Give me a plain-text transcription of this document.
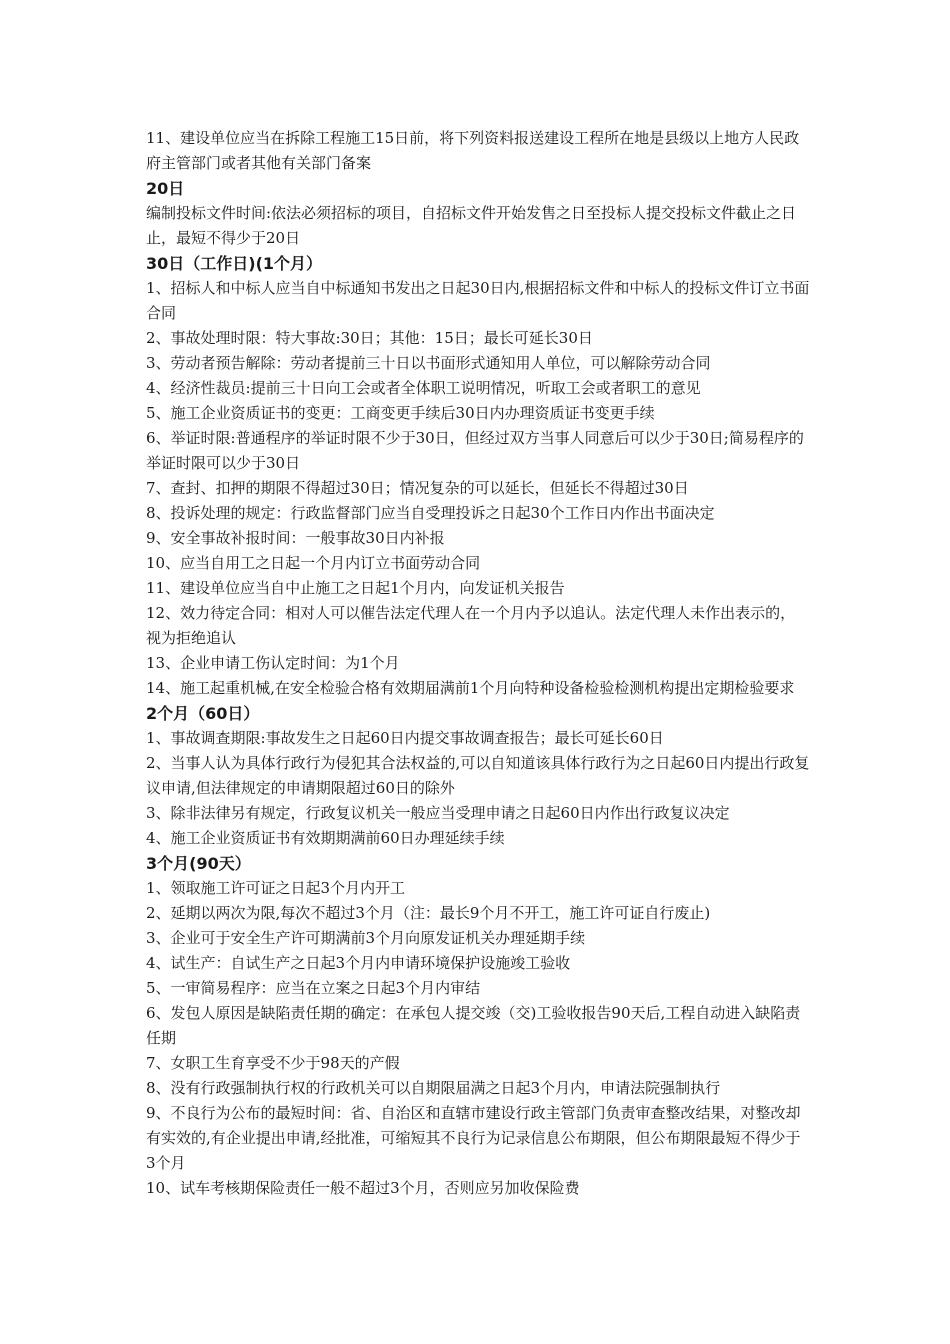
11、建设单位应当在拆除工程施工15日前，将下列资料报送建设工程所在地是县级以上地方人民政府主管部门或者其他有关部门备案
20日
编制投标文件时间:依法必须招标的项目，自招标文件开始发售之日至投标人提交投标文件截止之日止，最短不得少于20日
30日（工作日)(1个月）
1、招标人和中标人应当自中标通知书发出之日起30日内,根据招标文件和中标人的投标文件订立书面合同
2、事故处理时限：特大事故:30日；其他：15日；最长可延长30日
3、劳动者预告解除：劳动者提前三十日以书面形式通知用人单位，可以解除劳动合同
4、经济性裁员:提前三十日向工会或者全体职工说明情况，听取工会或者职工的意见
5、施工企业资质证书的变更：工商变更手续后30日内办理资质证书变更手续
6、举证时限:普通程序的举证时限不少于30日，但经过双方当事人同意后可以少于30日;简易程序的举证时限可以少于30日
7、查封、扣押的期限不得超过30日；情况复杂的可以延长，但延长不得超过30日
8、投诉处理的规定：行政监督部门应当自受理投诉之日起30个工作日内作出书面决定
9、安全事故补报时间：一般事故30日内补报
10、应当自用工之日起一个月内订立书面劳动合同
11、建设单位应当自中止施工之日起1个月内，向发证机关报告
12、效力待定合同：相对人可以催告法定代理人在一个月内予以追认。法定代理人未作出表示的，视为拒绝追认
13、企业申请工伤认定时间：为1个月
14、施工起重机械,在安全检验合格有效期届满前1个月向特种设备检验检测机构提出定期检验要求
2个月（60日）
1、事故调查期限:事故发生之日起60日内提交事故调查报告；最长可延长60日
2、当事人认为具体行政行为侵犯其合法权益的,可以自知道该具体行政行为之日起60日内提出行政复议申请,但法律规定的申请期限超过60日的除外
3、除非法律另有规定，行政复议机关一般应当受理申请之日起60日内作出行政复议决定
4、施工企业资质证书有效期期满前60日办理延续手续
3个月(90天）
1、领取施工许可证之日起3个月内开工
2、延期以两次为限,每次不超过3个月（注：最长9个月不开工，施工许可证自行废止)
3、企业可于安全生产许可期满前3个月向原发证机关办理延期手续
4、试生产：自试生产之日起3个月内申请环境保护设施竣工验收
5、一审简易程序：应当在立案之日起3个月内审结
6、发包人原因是缺陷责任期的确定：在承包人提交竣（交)工验收报告90天后,工程自动进入缺陷责任期
7、女职工生育享受不少于98天的产假
8、没有行政强制执行权的行政机关可以自期限届满之日起3个月内，申请法院强制执行
9、不良行为公布的最短时间：省、自治区和直辖市建设行政主管部门负责审查整改结果，对整改却有实效的,有企业提出申请,经批准，可缩短其不良行为记录信息公布期限，但公布期限最短不得少于3个月
10、试车考核期保险责任一般不超过3个月，否则应另加收保险费
